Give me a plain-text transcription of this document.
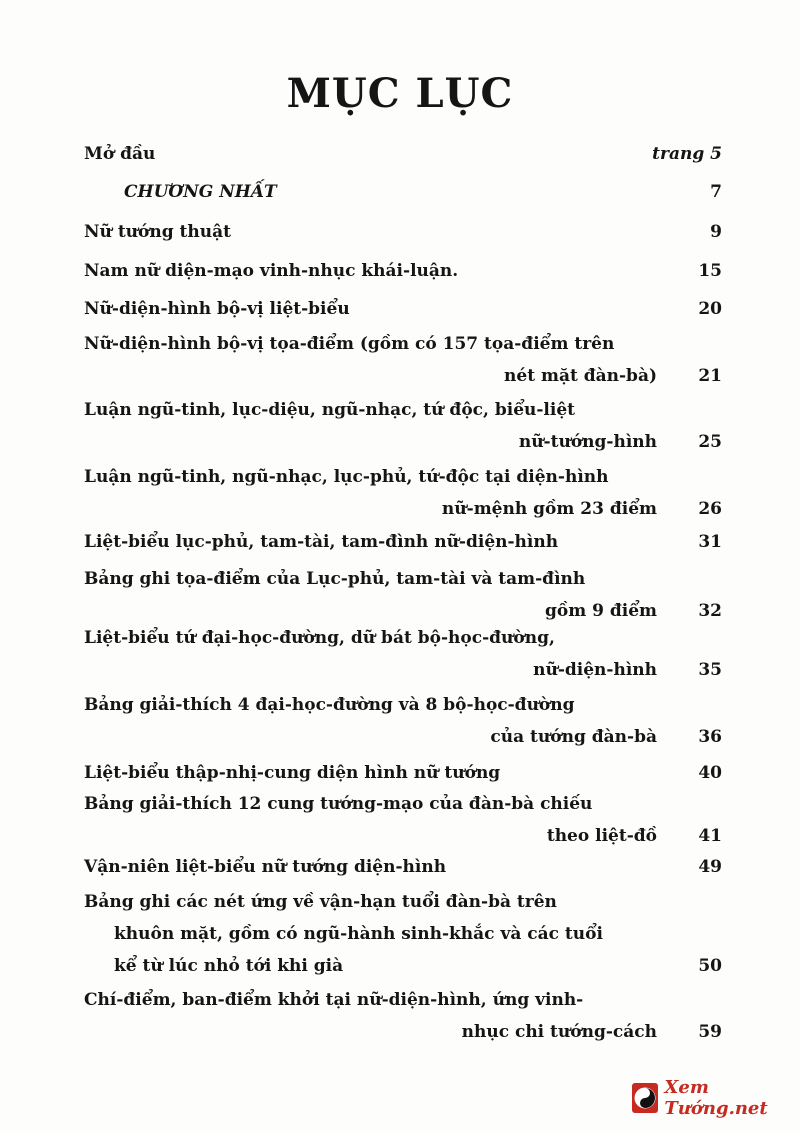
MỤC LỤC
Mở đầu	trang 5
CHƯƠNG NHẤT	7
Nữ tướng thuật	9
Nam nữ diện-mạo vinh-nhục khái-luận.	15
Nữ-diện-hình bộ-vị liệt-biểu	20
Nữ-diện-hình bộ-vị tọa-điểm (gồm có 157 tọa-điểm trên
nét mặt đàn-bà) 21
Luận ngũ-tinh, lục-diệu, ngũ-nhạc, tứ độc, biểu-liệt
nữ-tướng-hình 25
Luận ngũ-tinh, ngũ-nhạc, lục-phủ, tứ-độc tại diện-hình
nữ-mệnh gồm 23 điểm 26
Liệt-biểu lục-phủ, tam-tài, tam-đình nữ-diện-hình	31
Bảng ghi tọa-điểm của Lục-phủ, tam-tài và tam-đình
gồm 9 điểm 32
Liệt-biểu tứ đại-học-đường, dữ bát bộ-học-đường,
nữ-diện-hình 35
Bảng giải-thích 4 đại-học-đường và 8 bộ-học-đường
của tướng đàn-bà 36
Liệt-biểu thập-nhị-cung diện hình nữ tướng	40
Bảng giải-thích 12 cung tướng-mạo của đàn-bà chiếu
theo liệt-đồ 41
Vận-niên liệt-biểu nữ tướng diện-hình	49
Bảng ghi các nét ứng về vận-hạn tuổi đàn-bà trên
khuôn mặt, gồm có ngũ-hành sinh-khắc và các tuổi
kể từ lúc nhỏ tới khi già	50
Chí-điểm, ban-điểm khởi tại nữ-diện-hình, ứng vinh-
nhục chi tướng-cách 59
Xem Tướng.net
